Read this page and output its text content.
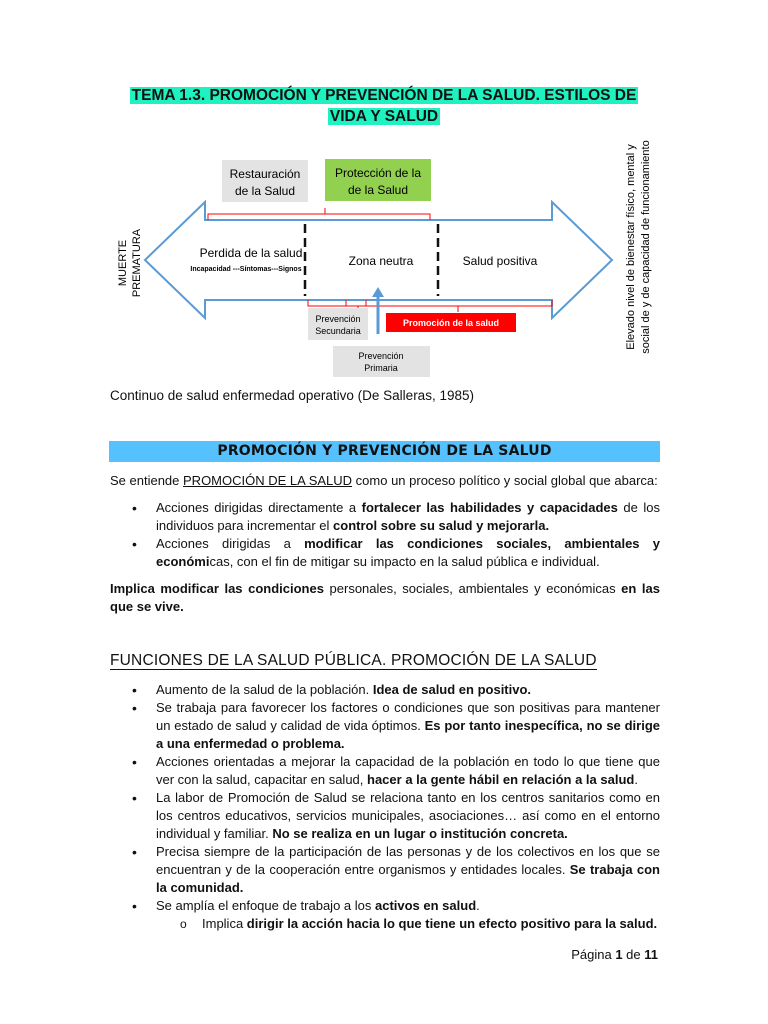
TEMA 1.3. PROMOCIÓN Y PREVENCIÓN DE LA SALUD. ESTILOS DE
VIDA Y SALUD
Restauración
de la Salud
Protección de la
de la Salud
MUERTE PREMATURA	Perdida de la salud
Incapacidad ---Síntomas---Signos
Zona neutra	Salud positiva
Prevención
Secundaria
Promoción de la salud
Prevención
Primaria
Elevado nivel de bienestar físico, mental y social de y de capacidad de funcionamiento
Continuo de salud enfermedad operativo (De Salleras, 1985)
PROMOCIÓN Y PREVENCIÓN DE LA SALUD
Se entiende PROMOCIÓN DE LA SALUD como un proceso político y social global que abarca:
• Acciones dirigidas directamente a fortalecer las habilidades y capacidades de los individuos para incrementar el control sobre su salud y mejorarla.
• Acciones dirigidas a modificar las condiciones sociales, ambientales y económicas, con el fin de mitigar su impacto en la salud pública e individual.
Implica modificar las condiciones personales, sociales, ambientales y económicas en las que se vive.
FUNCIONES DE LA SALUD PÚBLICA. PROMOCIÓN DE LA SALUD
• Aumento de la salud de la población. Idea de salud en positivo.
• Se trabaja para favorecer los factores o condiciones que son positivas para mantener un estado de salud y calidad de vida óptimos. Es por tanto inespecífica, no se dirige a una enfermedad o problema.
• Acciones orientadas a mejorar la capacidad de la población en todo lo que tiene que ver con la salud, capacitar en salud, hacer a la gente hábil en relación a la salud.
• La labor de Promoción de Salud se relaciona tanto en los centros sanitarios como en los centros educativos, servicios municipales, asociaciones… así como en el entorno individual y familiar. No se realiza en un lugar o institución concreta.
• Precisa siempre de la participación de las personas y de los colectivos en los que se encuentran y de la cooperación entre organismos y entidades locales. Se trabaja con la comunidad.
• Se amplía el enfoque de trabajo a los activos en salud.
o Implica dirigir la acción hacia lo que tiene un efecto positivo para la salud.
Página 1 de 11
